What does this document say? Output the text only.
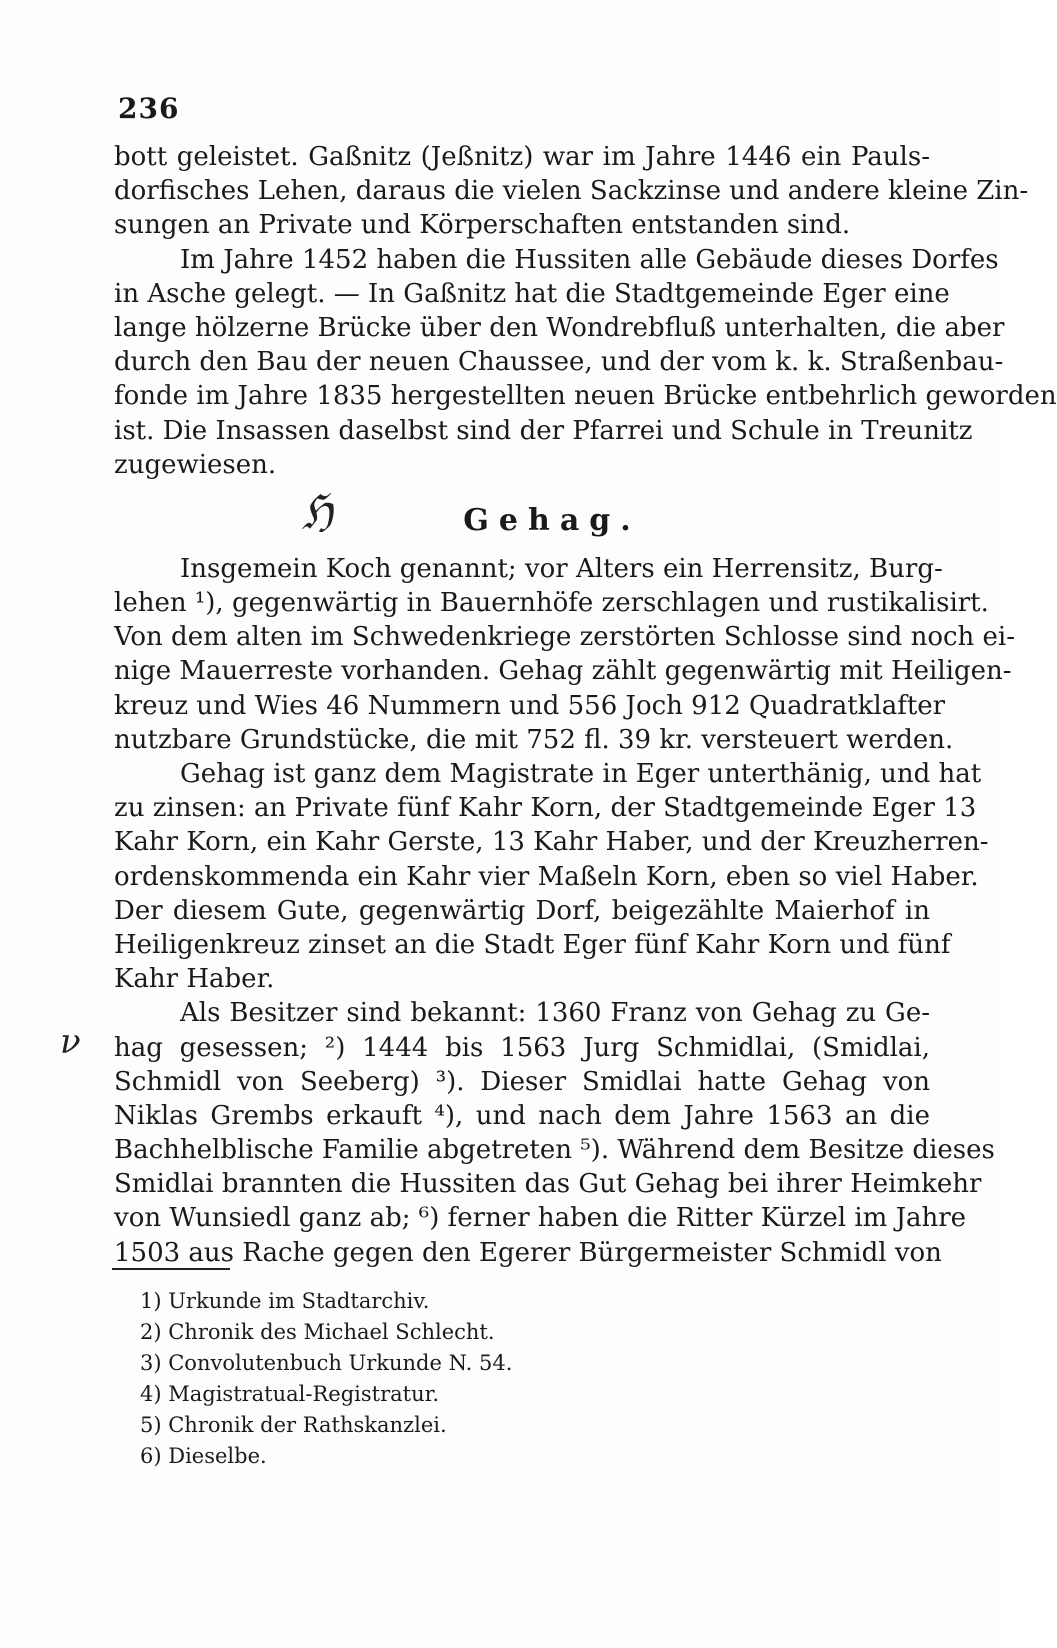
236
bott geleistet. Gaßnitz (Jeßnitz) war im Jahre 1446 ein Pauls-
dorfisches Lehen, daraus die vielen Sackzinse und andere kleine Zin-
sungen an Private und Körperschaften entstanden sind.
Im Jahre 1452 haben die Hussiten alle Gebäude dieses Dorfes
in Asche gelegt. — In Gaßnitz hat die Stadtgemeinde Eger eine
lange hölzerne Brücke über den Wondrebfluß unterhalten, die aber
durch den Bau der neuen Chaussee, und der vom k. k. Straßenbau-
fonde im Jahre 1835 hergestellten neuen Brücke entbehrlich geworden
ist. Die Insassen daselbst sind der Pfarrei und Schule in Treunitz
zugewiesen.
Gehag.
Insgemein Koch genannt; vor Alters ein Herrensitz, Burg-
lehen ¹), gegenwärtig in Bauernhöfe zerschlagen und rustikalisirt.
Von dem alten im Schwedenkriege zerstörten Schlosse sind noch ei-
nige Mauerreste vorhanden. Gehag zählt gegenwärtig mit Heiligen-
kreuz und Wies 46 Nummern und 556 Joch 912 Quadratklafter
nutzbare Grundstücke, die mit 752 fl. 39 kr. versteuert werden.
Gehag ist ganz dem Magistrate in Eger unterthänig, und hat
zu zinsen: an Private fünf Kahr Korn, der Stadtgemeinde Eger 13
Kahr Korn, ein Kahr Gerste, 13 Kahr Haber, und der Kreuzherren-
ordenskommenda ein Kahr vier Maßeln Korn, eben so viel Haber.
Der diesem Gute, gegenwärtig Dorf, beigezählte Maierhof in
Heiligenkreuz zinset an die Stadt Eger fünf Kahr Korn und fünf
Kahr Haber.
Als Besitzer sind bekannt: 1360 Franz von Gehag zu Ge-
hag gesessen; ²) 1444 bis 1563 Jurg Schmidlai, (Smidlai,
Schmidl von Seeberg) ³). Dieser Smidlai hatte Gehag von
Niklas Grembs erkauft ⁴), und nach dem Jahre 1563 an die
Bachhelblische Familie abgetreten ⁵). Während dem Besitze dieses
Smidlai brannten die Hussiten das Gut Gehag bei ihrer Heimkehr
von Wunsiedl ganz ab; ⁶) ferner haben die Ritter Kürzel im Jahre
1503 aus Rache gegen den Egerer Bürgermeister Schmidl von
ℌ
ν
1) Urkunde im Stadtarchiv.
2) Chronik des Michael Schlecht.
3) Convolutenbuch Urkunde N. 54.
4) Magistratual-Registratur.
5) Chronik der Rathskanzlei.
6) Dieselbe.
